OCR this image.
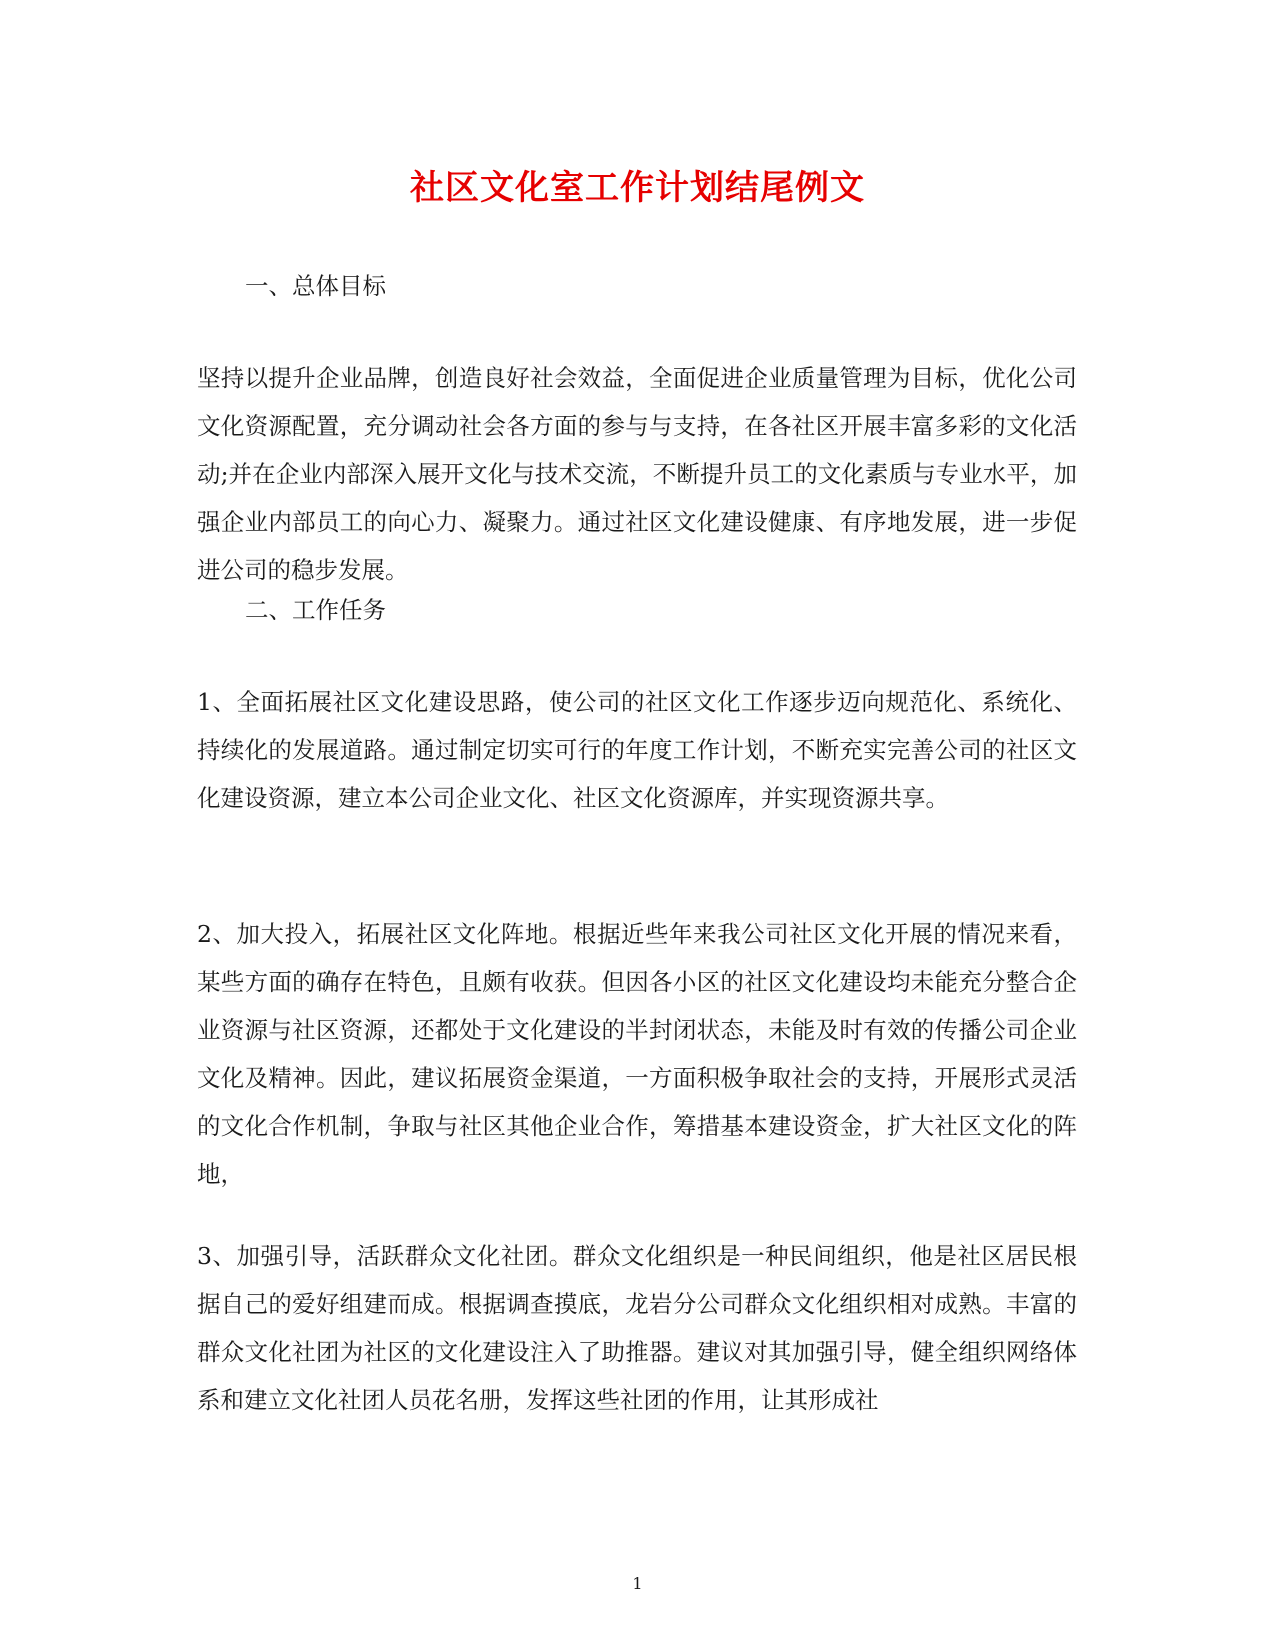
社区文化室工作计划结尾例文
一、总体目标

坚持以提升企业品牌，创造良好社会效益，全面促进企业质量管理为目标，优化公司文化资源配置，充分调动社会各方面的参与与支持，在各社区开展丰富多彩的文化活动;并在企业内部深入展开文化与技术交流，不断提升员工的文化素质与专业水平，加强企业内部员工的向心力、凝聚力。通过社区文化建设健康、有序地发展，进一步促进公司的稳步发展。

二、工作任务

1、全面拓展社区文化建设思路，使公司的社区文化工作逐步迈向规范化、系统化、持续化的发展道路。通过制定切实可行的年度工作计划，不断充实完善公司的社区文化建设资源，建立本公司企业文化、社区文化资源库，并实现资源共享。

2、加大投入，拓展社区文化阵地。根据近些年来我公司社区文化开展的情况来看，某些方面的确存在特色，且颇有收获。但因各小区的社区文化建设均未能充分整合企业资源与社区资源，还都处于文化建设的半封闭状态，未能及时有效的传播公司企业文化及精神。因此，建议拓展资金渠道，一方面积极争取社会的支持，开展形式灵活的文化合作机制，争取与社区其他企业合作，筹措基本建设资金，扩大社区文化的阵地，

3、加强引导，活跃群众文化社团。群众文化组织是一种民间组织，他是社区居民根据自己的爱好组建而成。根据调查摸底，龙岩分公司群众文化组织相对成熟。丰富的群众文化社团为社区的文化建设注入了助推器。建议对其加强引导，健全组织网络体系和建立文化社团人员花名册，发挥这些社团的作用，让其形成社

1
